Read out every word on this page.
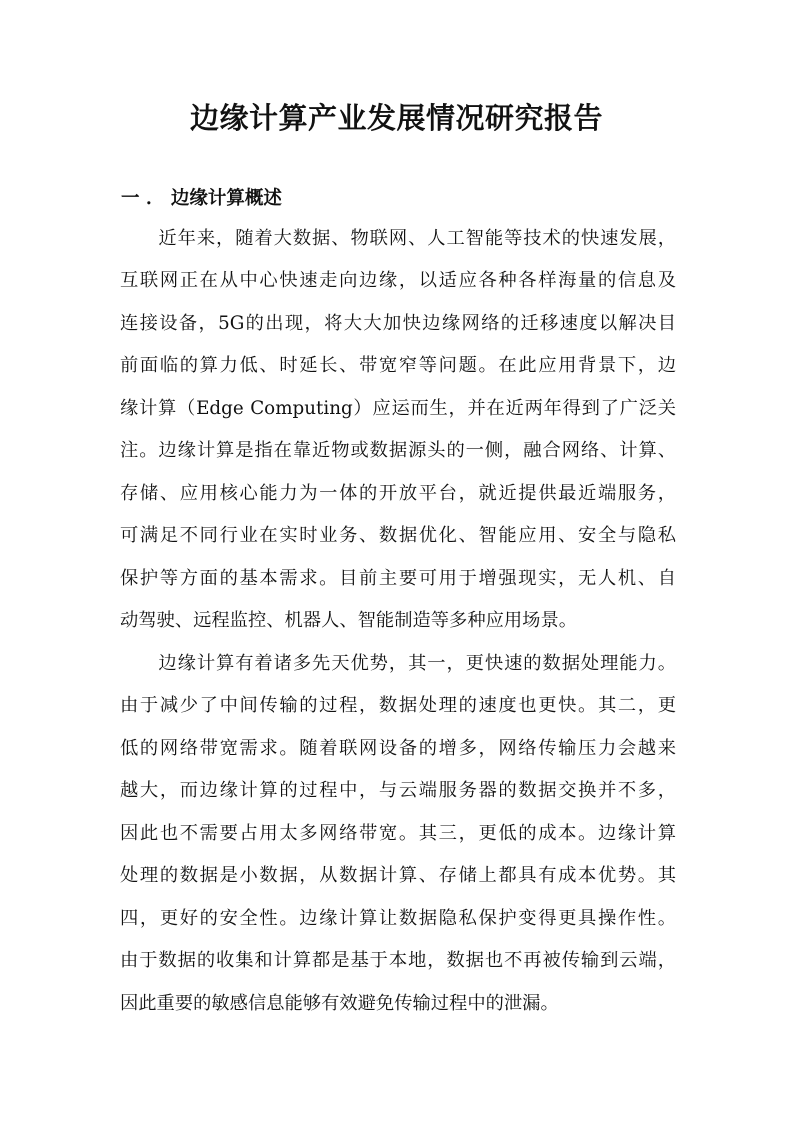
边缘计算产业发展情况研究报告
一 ． 边缘计算概述

　　近年来，随着大数据、物联网、人工智能等技术的快速发展，

互联网正在从中心快速走向边缘，以适应各种各样海量的信息及

连接设备，5G的出现，将大大加快边缘网络的迁移速度以解决目

前面临的算力低、时延长、带宽窄等问题。在此应用背景下，边

缘计算（Edge Computing）应运而生，并在近两年得到了广泛关

注。边缘计算是指在靠近物或数据源头的一侧，融合网络、计算、

存储、应用核心能力为一体的开放平台，就近提供最近端服务，

可满足不同行业在实时业务、数据优化、智能应用、安全与隐私

保护等方面的基本需求。目前主要可用于增强现实，无人机、自

动驾驶、远程监控、机器人、智能制造等多种应用场景。

　　边缘计算有着诸多先天优势，其一，更快速的数据处理能力。

由于减少了中间传输的过程，数据处理的速度也更快。其二，更

低的网络带宽需求。随着联网设备的增多，网络传输压力会越来

越大，而边缘计算的过程中，与云端服务器的数据交换并不多，

因此也不需要占用太多网络带宽。其三，更低的成本。边缘计算

处理的数据是小数据，从数据计算、存储上都具有成本优势。其

四，更好的安全性。边缘计算让数据隐私保护变得更具操作性。

由于数据的收集和计算都是基于本地，数据也不再被传输到云端，

因此重要的敏感信息能够有效避免传输过程中的泄漏。
